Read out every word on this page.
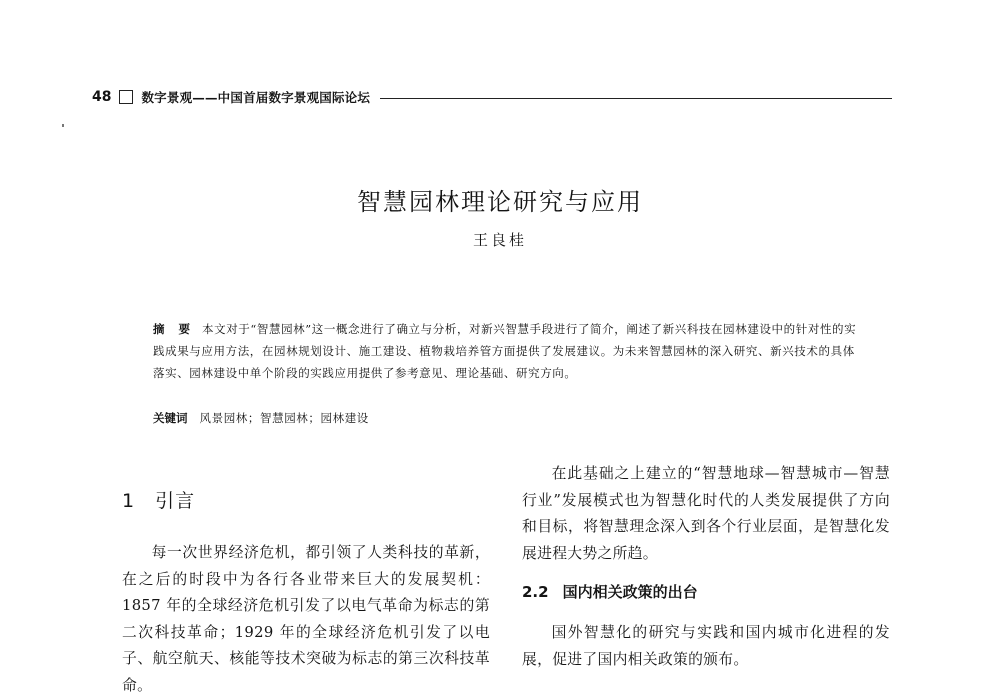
48 数字景观——中国首届数字景观国际论坛
智慧园林理论研究与应用
王良桂

摘 要 本文对于“智慧园林”这一概念进行了确立与分析，对新兴智慧手段进行了简介，阐述了新兴科技在园林建设中的针对性的实践成果与应用方法，在园林规划设计、施工建设、植物栽培养管方面提供了发展建议。为未来智慧园林的深入研究、新兴技术的具体落实、园林建设中单个阶段的实践应用提供了参考意见、理论基础、研究方向。

关键词 风景园林；智慧园林；园林建设
1 引言

每一次世界经济危机，都引领了人类科技的革新，在之后的时段中为各行各业带来巨大的发展契机：1857 年的全球经济危机引发了以电气革命为标志的第二次科技革命；1929 年的全球经济危机引发了以电子、航空航天、核能等技术突破为标志的第三次科技革命。

在此基础之上建立的“智慧地球—智慧城市—智慧行业”发展模式也为智慧化时代的人类发展提供了方向和目标，将智慧理念深入到各个行业层面，是智慧化发展进程大势之所趋。

2.2 国内相关政策的出台

国外智慧化的研究与实践和国内城市化进程的发展，促进了国内相关政策的颁布。
